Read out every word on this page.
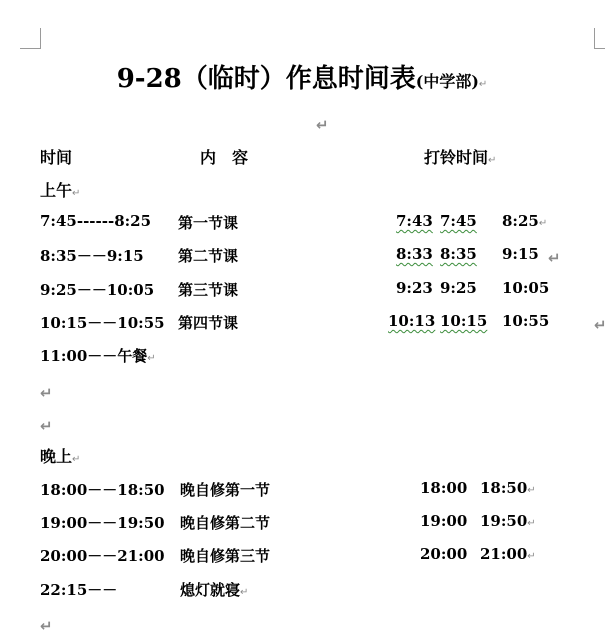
9-28（临时）作息时间表(中学部)↵
↵
时间	内　容	打铃时间↵
上午↵
7:45------8:25 第一节课	7:43 7:45 8:25↵
8:35－－9:15 第二节课	8:33 8:35 9:15 ↵
9:25－－10:05 第三节课	9:23 9:25 10:05
10:15－－10:55 第四节课	10:13 10:15 10:55	↵
11:00－－午餐↵
↵
↵
晚上↵
18:00－－18:50 晚自修第一节	18:00 18:50↵
19:00－－19:50 晚自修第二节	19:00 19:50↵
20:00－－21:00 晚自修第三节	20:00 21:00↵
22:15－－	熄灯就寝↵
↵
